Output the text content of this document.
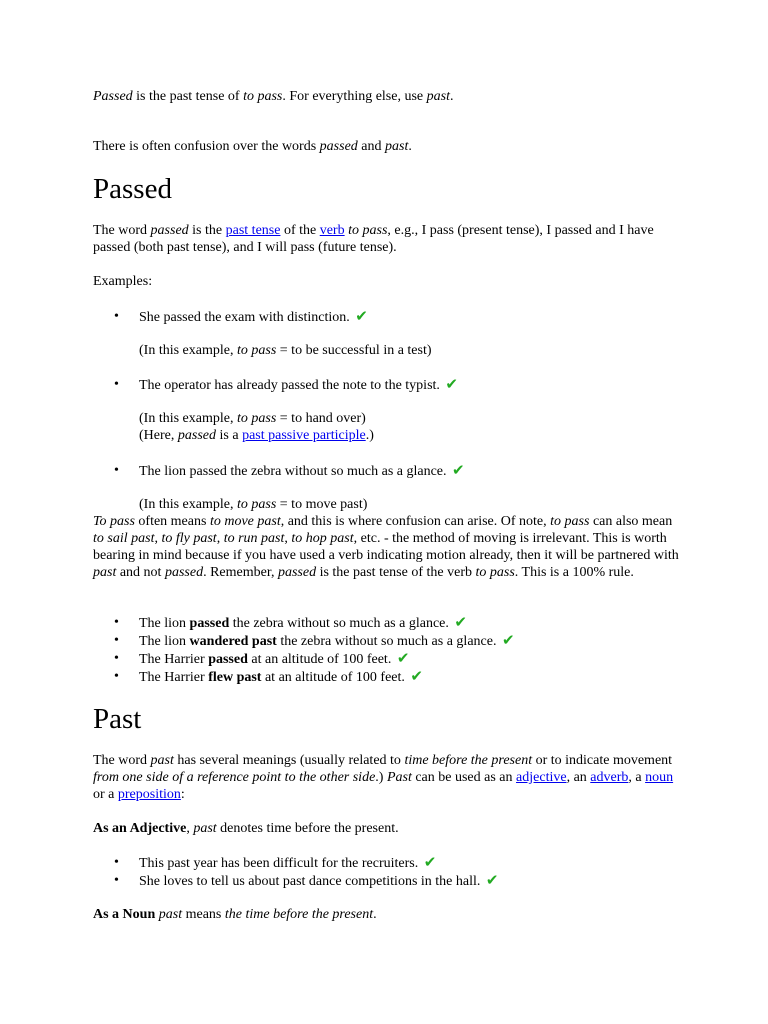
Passed is the past tense of to pass. For everything else, use past.

There is often confusion over the words passed and past.

Passed

The word passed is the past tense of the verb to pass, e.g., I pass (present tense), I passed and I have passed (both past tense), and I will pass (future tense).

Examples:

• She passed the exam with distinction. ✔

(In this example, to pass = to be successful in a test)

• The operator has already passed the note to the typist. ✔

(In this example, to pass = to hand over)

(Here, passed is a past passive participle.)

• The lion passed the zebra without so much as a glance. ✔

(In this example, to pass = to move past)

To pass often means to move past, and this is where confusion can arise. Of note, to pass can also mean to sail past, to fly past, to run past, to hop past, etc. - the method of moving is irrelevant. This is worth bearing in mind because if you have used a verb indicating motion already, then it will be partnered with past and not passed. Remember, passed is the past tense of the verb to pass. This is a 100% rule.

• The lion passed the zebra without so much as a glance. ✔

• The lion wandered past the zebra without so much as a glance. ✔

• The Harrier passed at an altitude of 100 feet. ✔

• The Harrier flew past at an altitude of 100 feet. ✔

Past

The word past has several meanings (usually related to time before the present or to indicate movement from one side of a reference point to the other side.) Past can be used as an adjective, an adverb, a noun or a preposition:

As an Adjective, past denotes time before the present.

• This past year has been difficult for the recruiters. ✔

• She loves to tell us about past dance competitions in the hall. ✔

As a Noun past means the time before the present.
